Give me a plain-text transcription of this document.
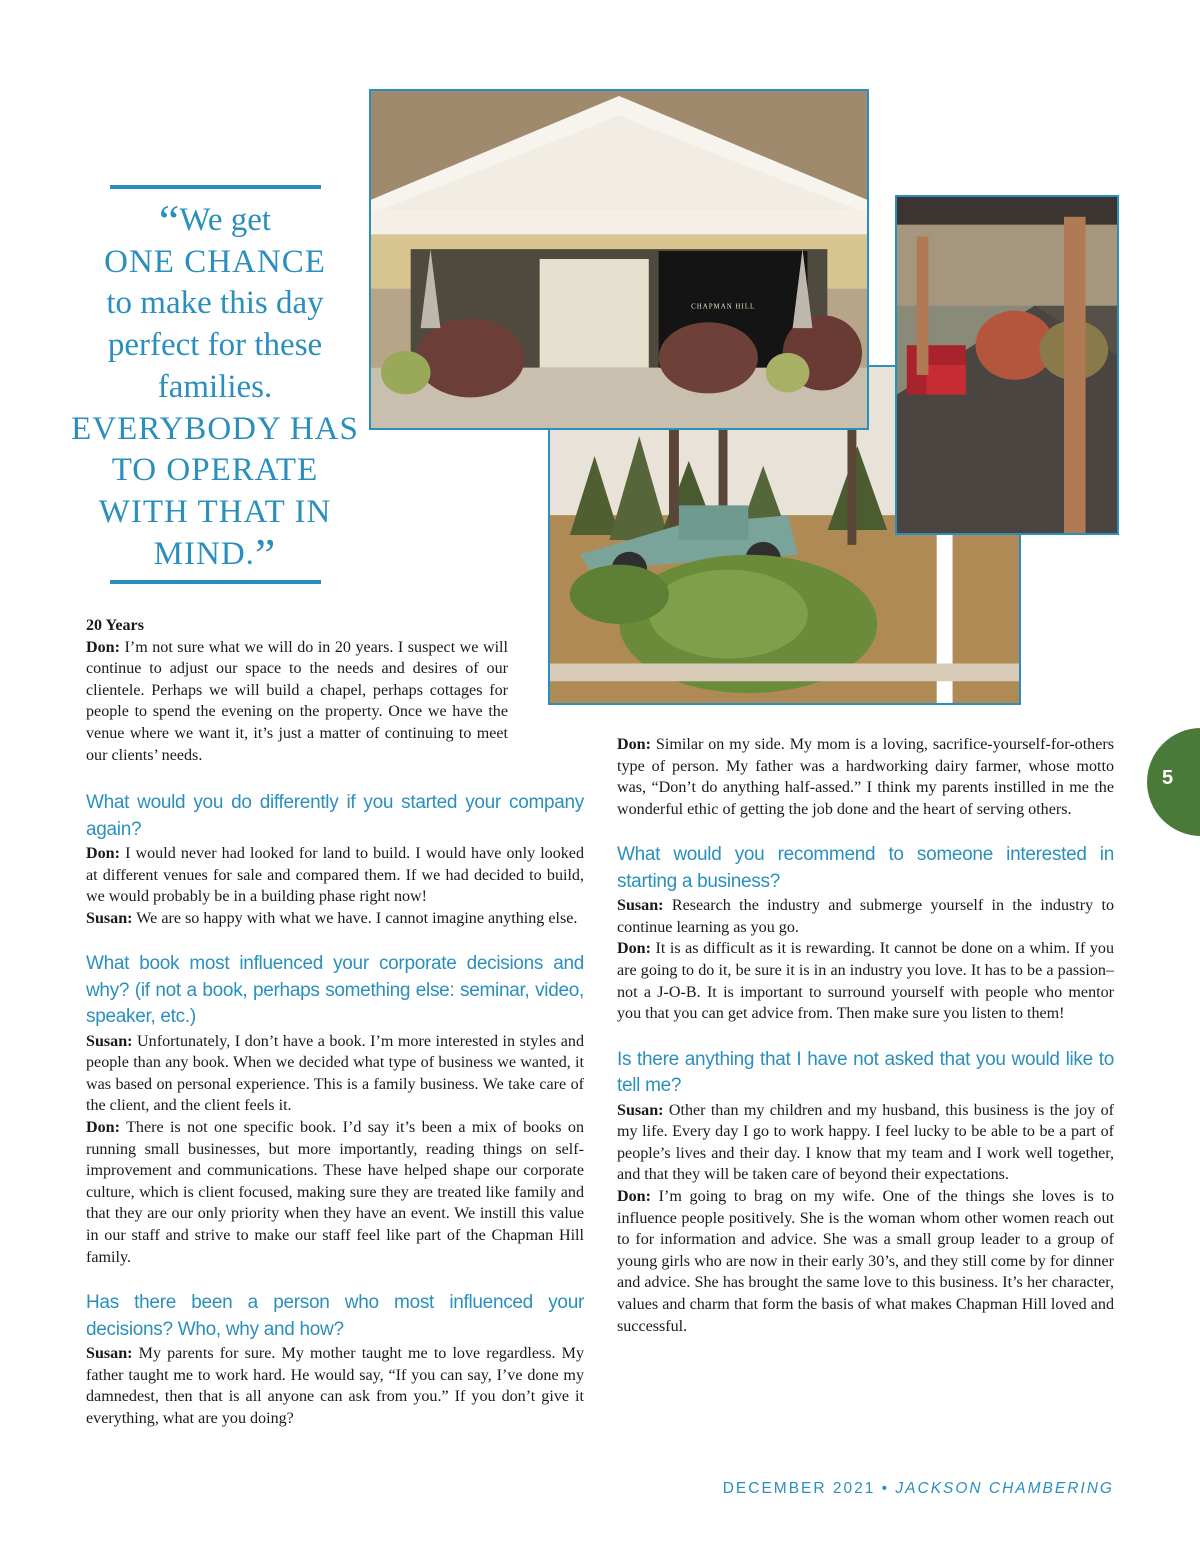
“We get
ONE CHANCE
to make this day
perfect for these
families.
EVERYBODY HAS
TO OPERATE
WITH THAT IN
MIND.”
CHAPMAN HILL

20 Years

Don: I’m not sure what we will do in 20 years. I suspect we will continue to adjust our space to the needs and desires of our clientele. Perhaps we will build a chapel, perhaps cottages for people to spend the evening on the property. Once we have the venue where we want it, it’s just a matter of continuing to meet our clients’ needs.

What would you do differently if you started your company again?

Don: I would never had looked for land to build. I would have only looked at different venues for sale and compared them. If we had decided to build, we would probably be in a building phase right now!

Susan: We are so happy with what we have. I cannot imagine anything else.

What book most influenced your corporate decisions and why? (if not a book, perhaps something else: seminar, video, speaker, etc.)

Susan: Unfortunately, I don’t have a book. I’m more interested in styles and people than any book. When we decided what type of business we wanted, it was based on personal experience. This is a family business. We take care of the client, and the client feels it.

Don: There is not one specific book. I’d say it’s been a mix of books on running small businesses, but more importantly, reading things on self-improvement and communications. These have helped shape our corporate culture, which is client focused, making sure they are treated like family and that they are our only priority when they have an event. We instill this value in our staff and strive to make our staff feel like part of the Chapman Hill family.

Has there been a person who most influenced your decisions? Who, why and how?

Susan: My parents for sure. My mother taught me to love regardless. My father taught me to work hard. He would say, “If you can say, I’ve done my damnedest, then that is all anyone can ask from you.” If you don’t give it everything, what are you doing?

Don: Similar on my side. My mom is a loving, sacrifice-yourself-for-others type of person. My father was a hardworking dairy farmer, whose motto was, “Don’t do anything half-assed.” I think my parents instilled in me the wonderful ethic of getting the job done and the heart of serving others.

What would you recommend to someone interested in starting a business?

Susan: Research the industry and submerge yourself in the industry to continue learning as you go.

Don: It is as difficult as it is rewarding. It cannot be done on a whim. If you are going to do it, be sure it is in an industry you love. It has to be a passion–not a J-O-B. It is important to surround yourself with people who mentor you that you can get advice from. Then make sure you listen to them!

Is there anything that I have not asked that you would like to tell me?

Susan: Other than my children and my husband, this business is the joy of my life. Every day I go to work happy. I feel lucky to be able to be a part of people’s lives and their day. I know that my team and I work well together, and that they will be taken care of beyond their expectations.

Don: I’m going to brag on my wife. One of the things she loves is to influence people positively. She is the woman whom other women reach out to for information and advice. She was a small group leader to a group of young girls who are now in their early 30’s, and they still come by for dinner and advice. She has brought the same love to this business. It’s her character, values and charm that form the basis of what makes Chapman Hill loved and successful.

5
DECEMBER 2021 • JACKSON CHAMBERING
